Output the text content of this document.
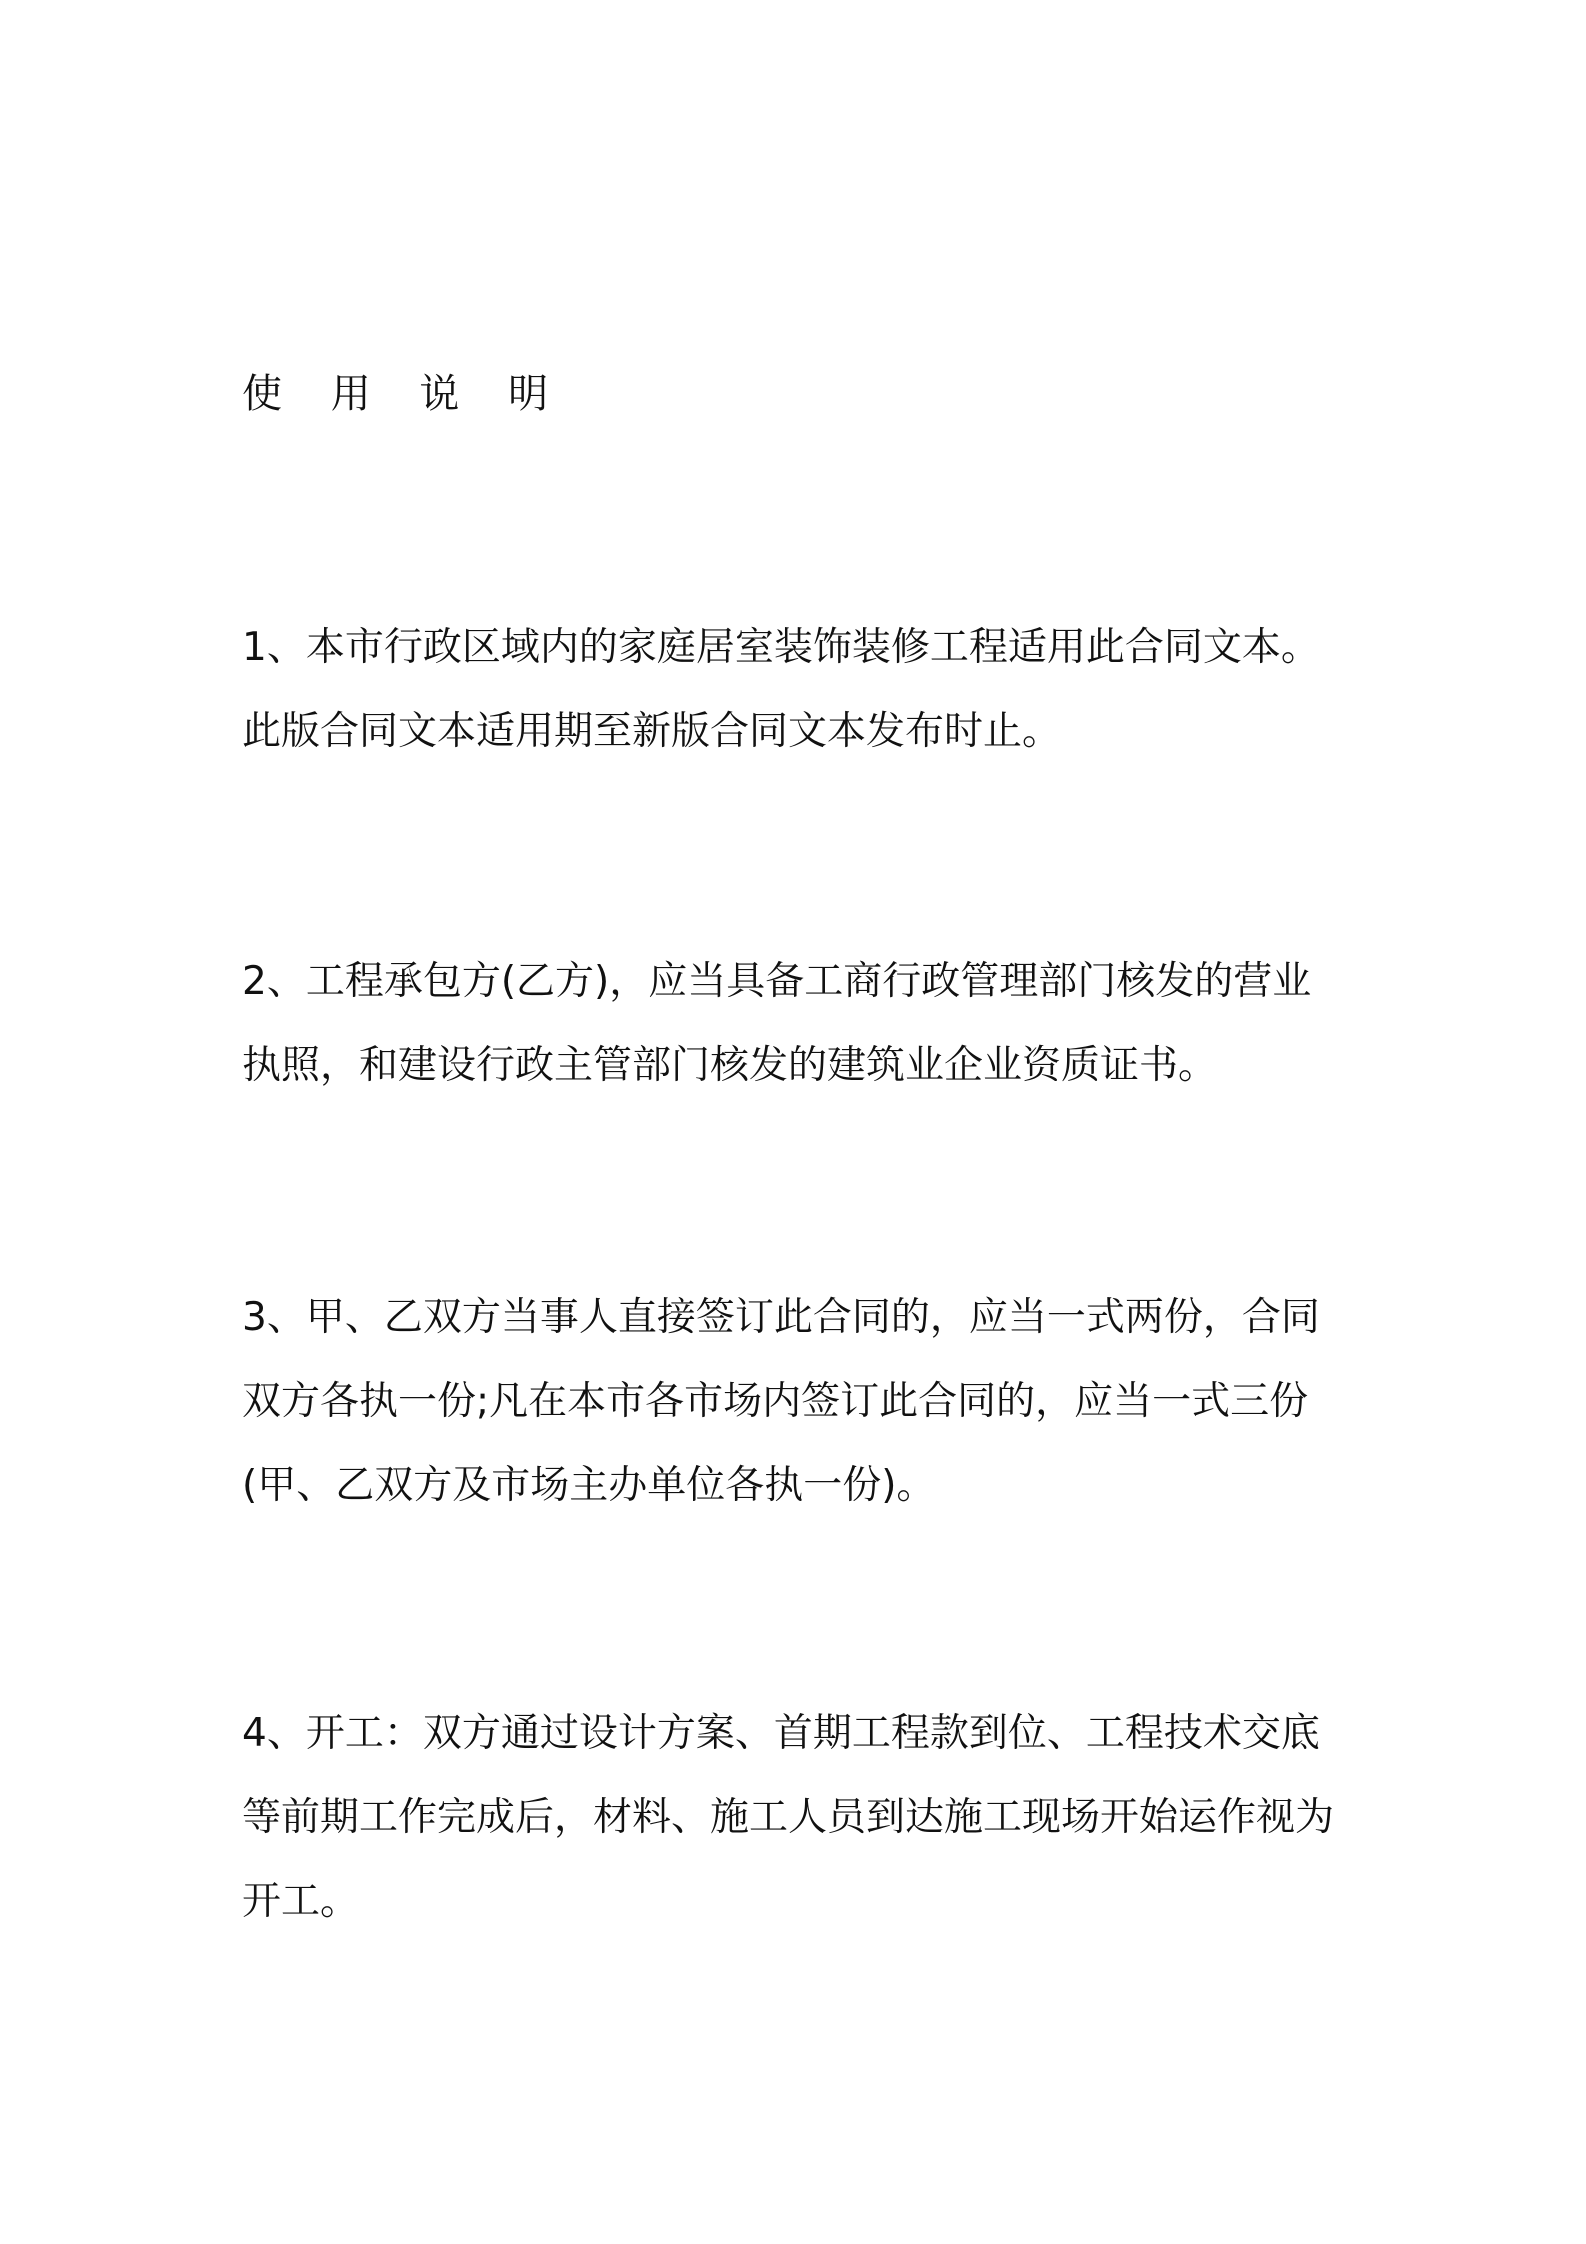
使 用 说 明
1、本市行政区域内的家庭居室装饰装修工程适用此合同文本。
此版合同文本适用期至新版合同文本发布时止。
2、工程承包方(乙方)，应当具备工商行政管理部门核发的营业
执照，和建设行政主管部门核发的建筑业企业资质证书。
3、甲、乙双方当事人直接签订此合同的，应当一式两份，合同
双方各执一份;凡在本市各市场内签订此合同的，应当一式三份
(甲、乙双方及市场主办单位各执一份)。
4、开工：双方通过设计方案、首期工程款到位、工程技术交底
等前期工作完成后，材料、施工人员到达施工现场开始运作视为
开工。
